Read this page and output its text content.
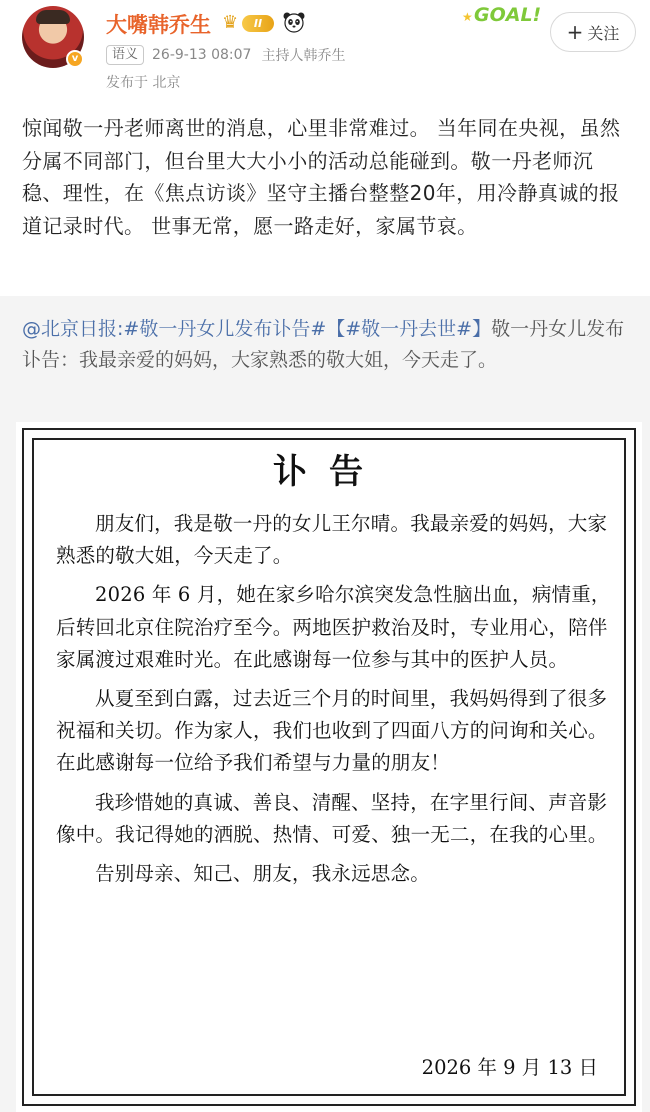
v
大嘴韩乔生 ♛	II	★ GOAL!
+ 关注
语义	26-9-13 08:07 主持人韩乔生
发布于 北京
惊闻敬一丹老师离世的消息，心里非常难过。 当年同在央视，虽然分属不同部门，但台里大大小小的活动总能碰到。敬一丹老师沉稳、理性，在《焦点访谈》坚守主播台整整20年，用冷静真诚的报道记录时代。 世事无常，愿一路走好，家属节哀。
@北京日报:#敬一丹女儿发布讣告#【#敬一丹去世#】敬一丹女儿发布讣告：我最亲爱的妈妈，大家熟悉的敬大姐，今天走了。
讣告

朋友们，我是敬一丹的女儿王尔晴。我最亲爱的妈妈，大家熟悉的敬大姐，今天走了。

2026 年 6 月，她在家乡哈尔滨突发急性脑出血，病情重，后转回北京住院治疗至今。两地医护救治及时，专业用心，陪伴家属渡过艰难时光。在此感谢每一位参与其中的医护人员。

从夏至到白露，过去近三个月的时间里，我妈妈得到了很多祝福和关切。作为家人，我们也收到了四面八方的问询和关心。在此感谢每一位给予我们希望与力量的朋友！

我珍惜她的真诚、善良、清醒、坚持，在字里行间、声音影像中。我记得她的洒脱、热情、可爱、独一无二，在我的心里。

告别母亲、知己、朋友，我永远思念。

2026 年 9 月 13 日
